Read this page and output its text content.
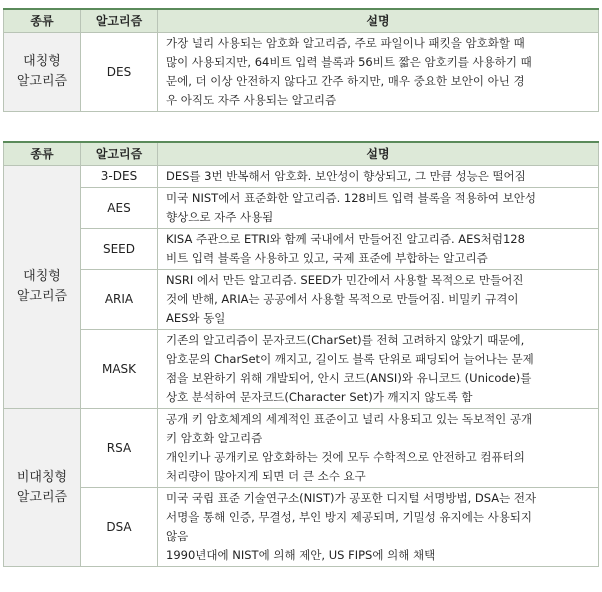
종류	알고리즘	설명

대칭형
알고리즘	DES	가장 널리 사용되는 암호화 알고리즘, 주로 파일이나 패킷을 암호화할 때
많이 사용되지만, 64비트 입력 블록과 56비트 짧은 암호키를 사용하기 때
문에, 더 이상 안전하지 않다고 간주 하지만, 매우 중요한 보안이 아닌 경
우 아직도 자주 사용되는 알고리즘
종류	알고리즘	설명

대칭형
알고리즘	3-DES	DES를 3번 반복해서 암호화. 보안성이 향상되고, 그 만큼 성능은 떨어짐

	AES	미국 NIST에서 표준화한 알고리즘. 128비트 입력 블록을 적용하여 보안성
향상으로 자주 사용됨

	SEED	KISA 주관으로 ETRI와 함께 국내에서 만들어진 알고리즘. AES처럼128
비트 입력 블록을 사용하고 있고, 국제 표준에 부합하는 알고리즘

	ARIA	NSRI 에서 만든 알고리즘. SEED가 민간에서 사용할 목적으로 만들어진
것에 반해, ARIA는 공공에서 사용할 목적으로 만들어짐. 비밀키 규격이
AES와 동일

	MASK	기존의 알고리즘이 문자코드(CharSet)를 전혀 고려하지 않았기 때문에,
암호문의 CharSet이 깨지고, 길이도 블록 단위로 패딩되어 늘어나는 문제
점을 보완하기 위해 개발되어, 안시 코드(ANSI)와 유니코드 (Unicode)를
상호 분석하여 문자코드(Character Set)가 깨지지 않도록 함

비대칭형
알고리즘	RSA	공개 키 암호체계의 세계적인 표준이고 널리 사용되고 있는 독보적인 공개
키 암호화 알고리즘
개인키나 공개키로 암호화하는 것에 모두 수학적으로 안전하고 컴퓨터의
처리량이 많아지게 되면 더 큰 소수 요구

	DSA	미국 국립 표준 기술연구소(NIST)가 공포한 디지털 서명방법, DSA는 전자
서명을 통해 인증, 무결성, 부인 방지 제공되며, 기밀성 유지에는 사용되지
않음
1990년대에 NIST에 의해 제안, US FIPS에 의해 채택
